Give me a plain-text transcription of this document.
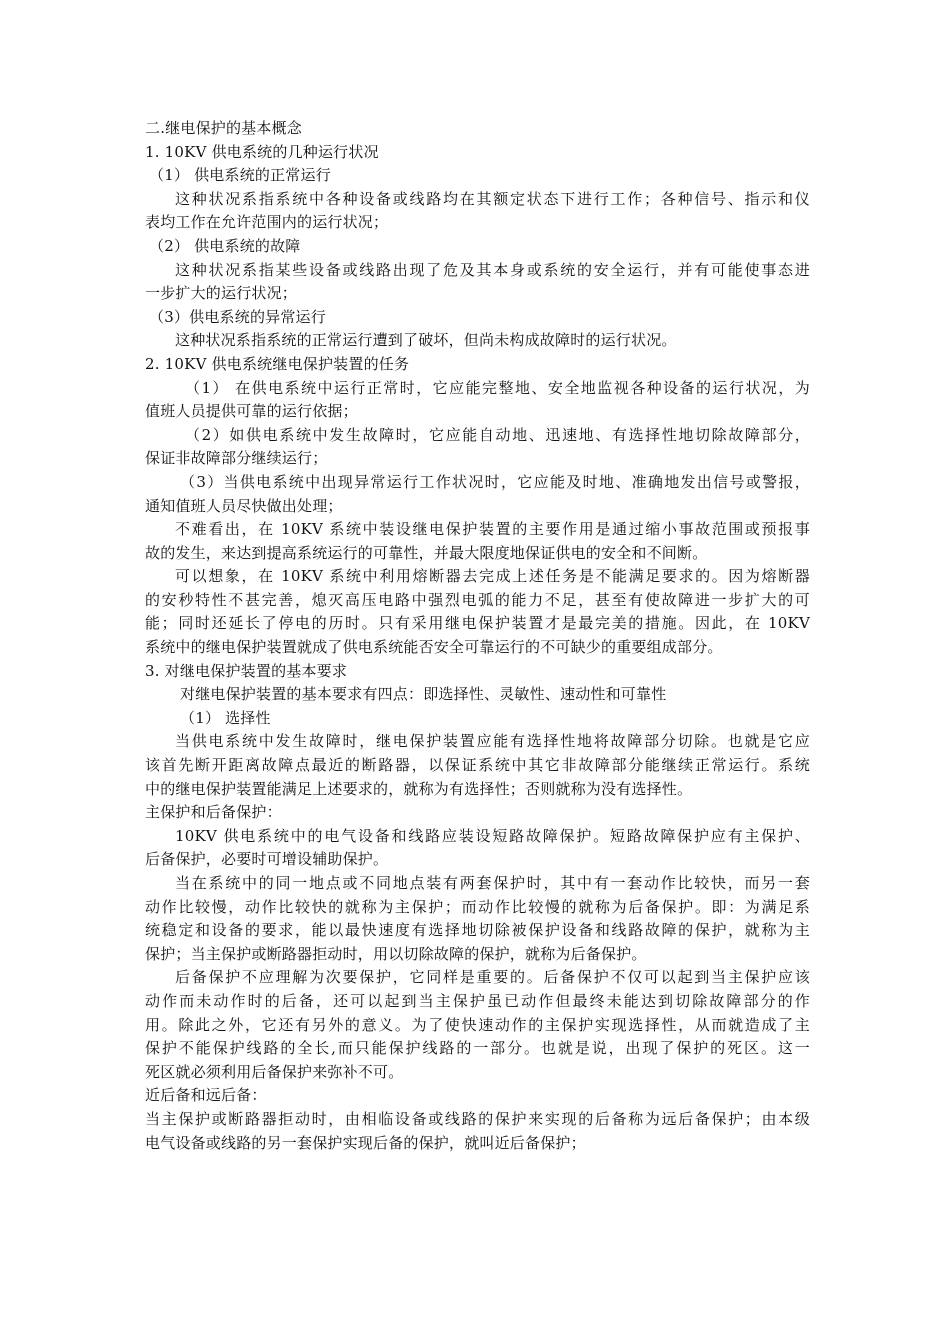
二.继电保护的基本概念
1. 10KV 供电系统的几种运行状况
（1） 供电系统的正常运行
这种状况系指系统中各种设备或线路均在其额定状态下进行工作；各种信号、指示和仪
表均工作在允许范围内的运行状况；
（2） 供电系统的故障
这种状况系指某些设备或线路出现了危及其本身或系统的安全运行，并有可能使事态进
一步扩大的运行状况；
（3）供电系统的异常运行
这种状况系指系统的正常运行遭到了破坏，但尚未构成故障时的运行状况。
2. 10KV 供电系统继电保护装置的任务
（1） 在供电系统中运行正常时，它应能完整地、安全地监视各种设备的运行状况，为
值班人员提供可靠的运行依据；
（2）如供电系统中发生故障时，它应能自动地、迅速地、有选择性地切除故障部分，
保证非故障部分继续运行；
（3）当供电系统中出现异常运行工作状况时，它应能及时地、准确地发出信号或警报，
通知值班人员尽快做出处理；
不难看出，在 10KV 系统中装设继电保护装置的主要作用是通过缩小事故范围或预报事
故的发生，来达到提高系统运行的可靠性，并最大限度地保证供电的安全和不间断。
可以想象，在 10KV 系统中利用熔断器去完成上述任务是不能满足要求的。因为熔断器
的安秒特性不甚完善，熄灭高压电路中强烈电弧的能力不足，甚至有使故障进一步扩大的可
能；同时还延长了停电的历时。只有采用继电保护装置才是最完美的措施。因此，在 10KV
系统中的继电保护装置就成了供电系统能否安全可靠运行的不可缺少的重要组成部分。
3. 对继电保护装置的基本要求
对继电保护装置的基本要求有四点：即选择性、灵敏性、速动性和可靠性
（1） 选择性
当供电系统中发生故障时，继电保护装置应能有选择性地将故障部分切除。也就是它应
该首先断开距离故障点最近的断路器，以保证系统中其它非故障部分能继续正常运行。系统
中的继电保护装置能满足上述要求的，就称为有选择性；否则就称为没有选择性。
主保护和后备保护：
10KV 供电系统中的电气设备和线路应装设短路故障保护。短路故障保护应有主保护、
后备保护，必要时可增设辅助保护。
当在系统中的同一地点或不同地点装有两套保护时，其中有一套动作比较快，而另一套
动作比较慢，动作比较快的就称为主保护；而动作比较慢的就称为后备保护。即：为满足系
统稳定和设备的要求，能以最快速度有选择地切除被保护设备和线路故障的保护，就称为主
保护；当主保护或断路器拒动时，用以切除故障的保护，就称为后备保护。
后备保护不应理解为次要保护，它同样是重要的。后备保护不仅可以起到当主保护应该
动作而未动作时的后备，还可以起到当主保护虽已动作但最终未能达到切除故障部分的作
用。除此之外，它还有另外的意义。为了使快速动作的主保护实现选择性，从而就造成了主
保护不能保护线路的全长,而只能保护线路的一部分。也就是说，出现了保护的死区。这一
死区就必须利用后备保护来弥补不可。
近后备和远后备：
当主保护或断路器拒动时，由相临设备或线路的保护来实现的后备称为远后备保护；由本级
电气设备或线路的另一套保护实现后备的保护，就叫近后备保护；
